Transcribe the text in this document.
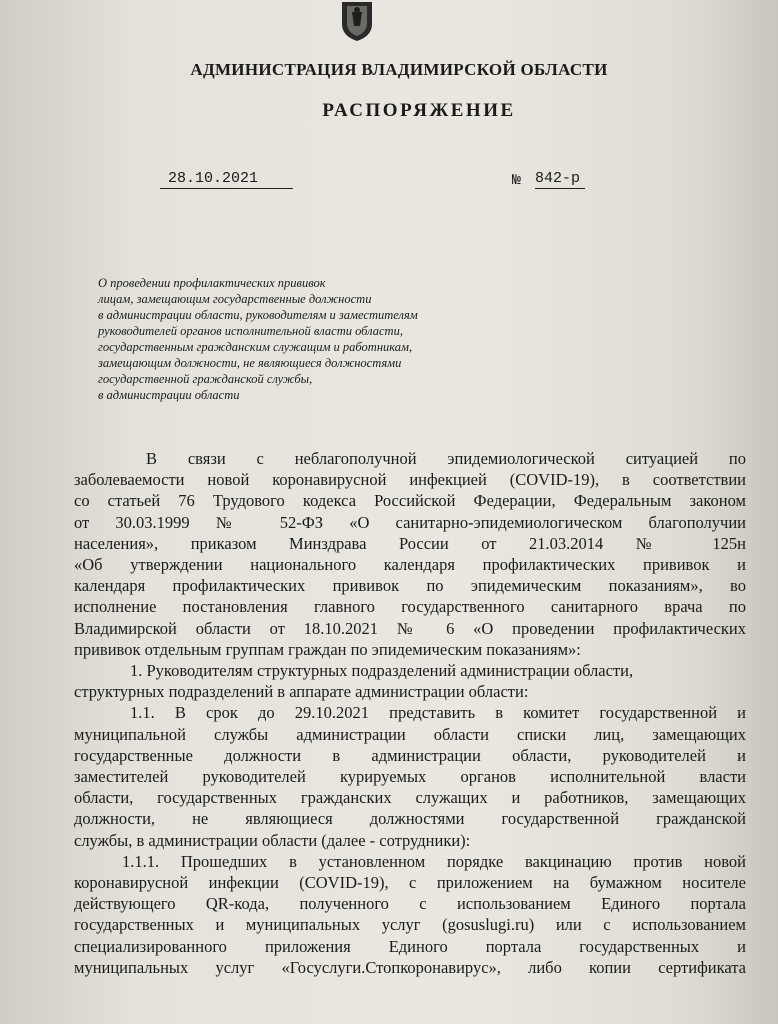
АДМИНИСТРАЦИЯ ВЛАДИМИРСКОЙ ОБЛАСТИ
РАСПОРЯЖЕНИЕ
28.10.2021	№ 842-р
О проведении профилактических прививок
лицам, замещающим государственные должности
в администрации области, руководителям и заместителям
руководителей органов исполнительной власти области,
государственным гражданским служащим и работникам,
замещающим должности, не являющиеся должностями
государственной гражданской службы,
в администрации области
В связи с неблагополучной эпидемиологической ситуацией по
заболеваемости новой коронавирусной инфекцией (COVID-19), в соответствии
со статьей 76 Трудового кодекса Российской Федерации, Федеральным законом
от 30.03.1999 № 52-ФЗ «О санитарно-эпидемиологическом благополучии
населения», приказом Минздрава России от 21.03.2014 № 125н
«Об утверждении национального календаря профилактических прививок и
календаря профилактических прививок по эпидемическим показаниям», во
исполнение постановления главного государственного санитарного врача по
Владимирской области от 18.10.2021 № 6 «О проведении профилактических
прививок отдельным группам граждан по эпидемическим показаниям»:
1. Руководителям структурных подразделений администрации области,
структурных подразделений в аппарате администрации области:
1.1. В срок до 29.10.2021 представить в комитет государственной и
муниципальной службы администрации области списки лиц, замещающих
государственные должности в администрации области, руководителей и
заместителей руководителей курируемых органов исполнительной власти
области, государственных гражданских служащих и работников, замещающих
должности, не являющиеся должностями государственной гражданской
службы, в администрации области (далее - сотрудники):
1.1.1. Прошедших в установленном порядке вакцинацию против новой
коронавирусной инфекции (COVID-19), с приложением на бумажном носителе
действующего QR-кода, полученного с использованием Единого портала
государственных и муниципальных услуг (gosuslugi.ru) или с использованием
специализированного приложения Единого портала государственных и
муниципальных услуг «Госуслуги.Стопкоронавирус», либо копии сертификата
